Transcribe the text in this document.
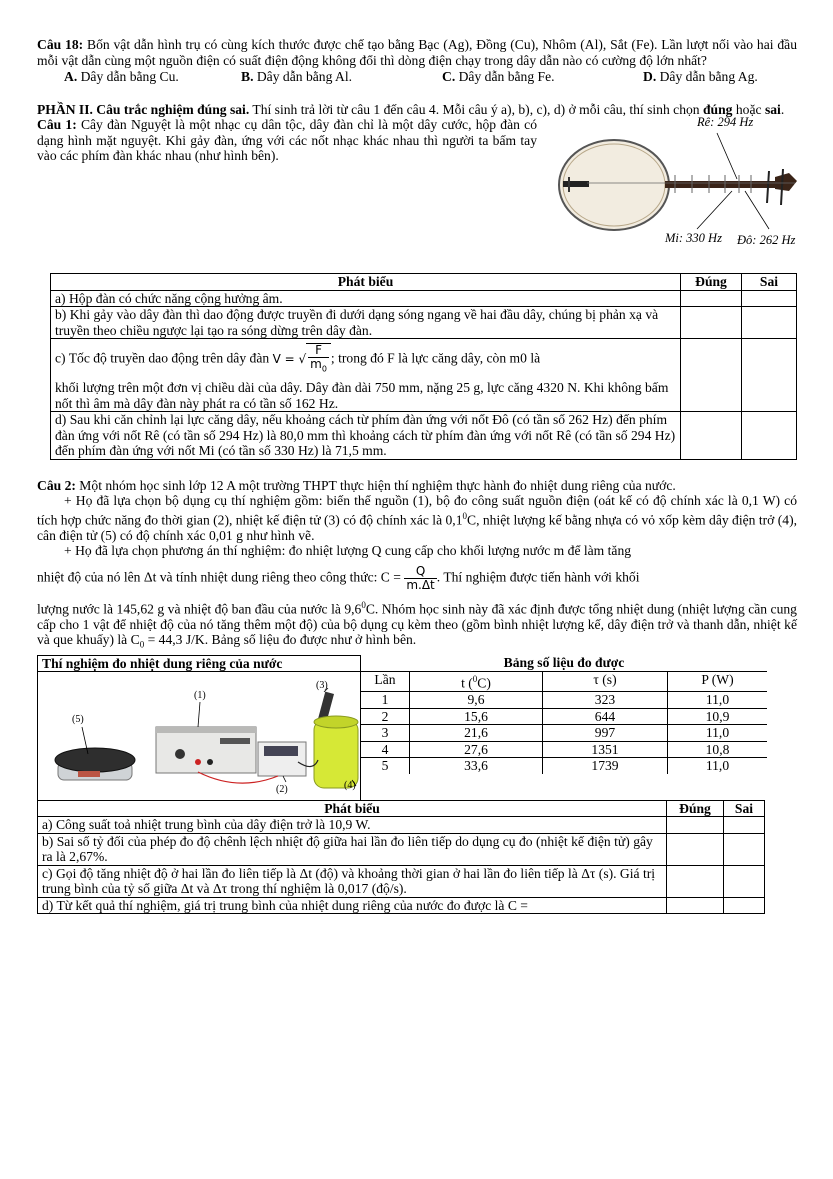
Câu 18: Bốn vật dẫn hình trụ có cùng kích thước được chế tạo bằng Bạc (Ag), Đồng (Cu), Nhôm (Al), Sắt (Fe). Lần lượt nối vào hai đầu mỗi vật dẫn cùng một nguồn điện có suất điện động không đổi thì dòng điện chạy trong dây dẫn nào có cường độ lớn nhất?

A. Dây dẫn bằng Cu.	B. Dây dẫn bằng Al.	C. Dây dẫn bằng Fe.	D. Dây dẫn bằng Ag.

PHẦN II. Câu trắc nghiệm đúng sai. Thí sinh trả lời từ câu 1 đến câu 4. Mỗi câu ý a), b), c), d) ở mỗi câu, thí sinh chọn đúng hoặc sai.

Câu 1: Cây đàn Nguyệt là một nhạc cụ dân tộc, dây đàn chỉ là một dây cước, hộp đàn có dạng hình mặt nguyệt. Khi gảy đàn, ứng với các nốt nhạc khác nhau thì người ta bấm tay vào các phím đàn khác nhau (như hình bên).

Rê: 294 Hz
Mi: 330 Hz Đô: 262 Hz
Phát biểu	Đúng	Sai
a) Hộp đàn có chức năng cộng hưởng âm.		
b) Khi gảy vào dây đàn thì dao động được truyền đi dưới dạng sóng ngang về hai đầu dây, chúng bị phản xạ và truyền theo chiều ngược lại tạo ra sóng dừng trên dây đàn.		

c) Tốc độ truyền dao động trên dây đàn V = √ $\frac{F}{m_0}$ ; trong đó F là lực căng dây, còn m0 là
khối lượng trên một đơn vị chiều dài của dây. Dây đàn dài 750 mm, nặng 25 g, lực căng 4320 N. Khi không bấm nốt thì âm mà dây đàn này phát ra có tần số 162 Hz.		

d) Sau khi căn chỉnh lại lực căng dây, nếu khoảng cách từ phím đàn ứng với nốt Đô (có tần số 262 Hz) đến phím đàn ứng với nốt Rê (có tần số 294 Hz) là 80,0 mm thì khoảng cách từ phím đàn ứng với nốt Rê (có tần số 294 Hz) đến phím đàn ứng với nốt Mi (có tần số 330 Hz) là 71,5 mm.		

Câu 2: Một nhóm học sinh lớp 12 A một trường THPT thực hiện thí nghiệm thực hành đo nhiệt dung riêng của nước.

+ Họ đã lựa chọn bộ dụng cụ thí nghiệm gồm: biến thế nguồn (1), bộ đo công suất nguồn điện (oát kế có độ chính xác là 0,1 W) có tích hợp chức năng đo thời gian (2), nhiệt kế điện tử (3) có độ chính xác là $0,1^0C$, nhiệt lượng kế bằng nhựa có vỏ xốp kèm dây điện trở (4), cân điện tử (5) có độ chính xác 0,01 g như hình vẽ.

+ Họ đã lựa chọn phương án thí nghiệm: đo nhiệt lượng Q cung cấp cho khối lượng nước m để làm tăng

nhiệt độ của nó lên Δt và tính nhiệt dung riêng theo công thức: $C = \frac{Q}{m.\Delta t}$ . Thí nghiệm được tiến hành với khối

lượng nước là 145,62 g và nhiệt độ ban đầu của nước là $9,6^0C$. Nhóm học sinh này đã xác định được tổng nhiệt dung (nhiệt lượng cần cung cấp cho 1 vật để nhiệt độ của nó tăng thêm một độ) của bộ dụng cụ kèm theo (gồm bình nhiệt lượng kế, dây điện trở và thanh dẫn, nhiệt kế và que khuấy) là $C_0 = 44,3$ J/K. Bảng số liệu đo được như ở hình bên.

Thí nghiệm đo nhiệt dung riêng của nước	Bảng số liệu đo được

(5)
(1)
(3)
(2)	(4)

Lần	t ($^0$C)	τ (s)	P (W)
1	9,6	323	11,0
2	15,6	644	10,9
3	21,6	997	11,0
4	27,6	1351	10,8
5	33,6	1739	11,0
Phát biểu	Đúng	Sai
a) Công suất toả nhiệt trung bình của dây điện trở là 10,9 W.		
b) Sai số tỷ đối của phép đo độ chênh lệch nhiệt độ giữa hai lần đo liên tiếp do dụng cụ đo (nhiệt kế điện tử) gây ra là 2,67%.		
c) Gọi độ tăng nhiệt độ ở hai lần đo liên tiếp là Δt (độ) và khoảng thời gian ở hai lần đo liên tiếp là Δτ (s). Giá trị trung bình của tỷ số giữa Δt và Δτ trong thí nghiệm là 0,017 (độ/s).		
d) Từ kết quả thí nghiệm, giá trị trung bình của nhiệt dung riêng của nước đo được là C =		
